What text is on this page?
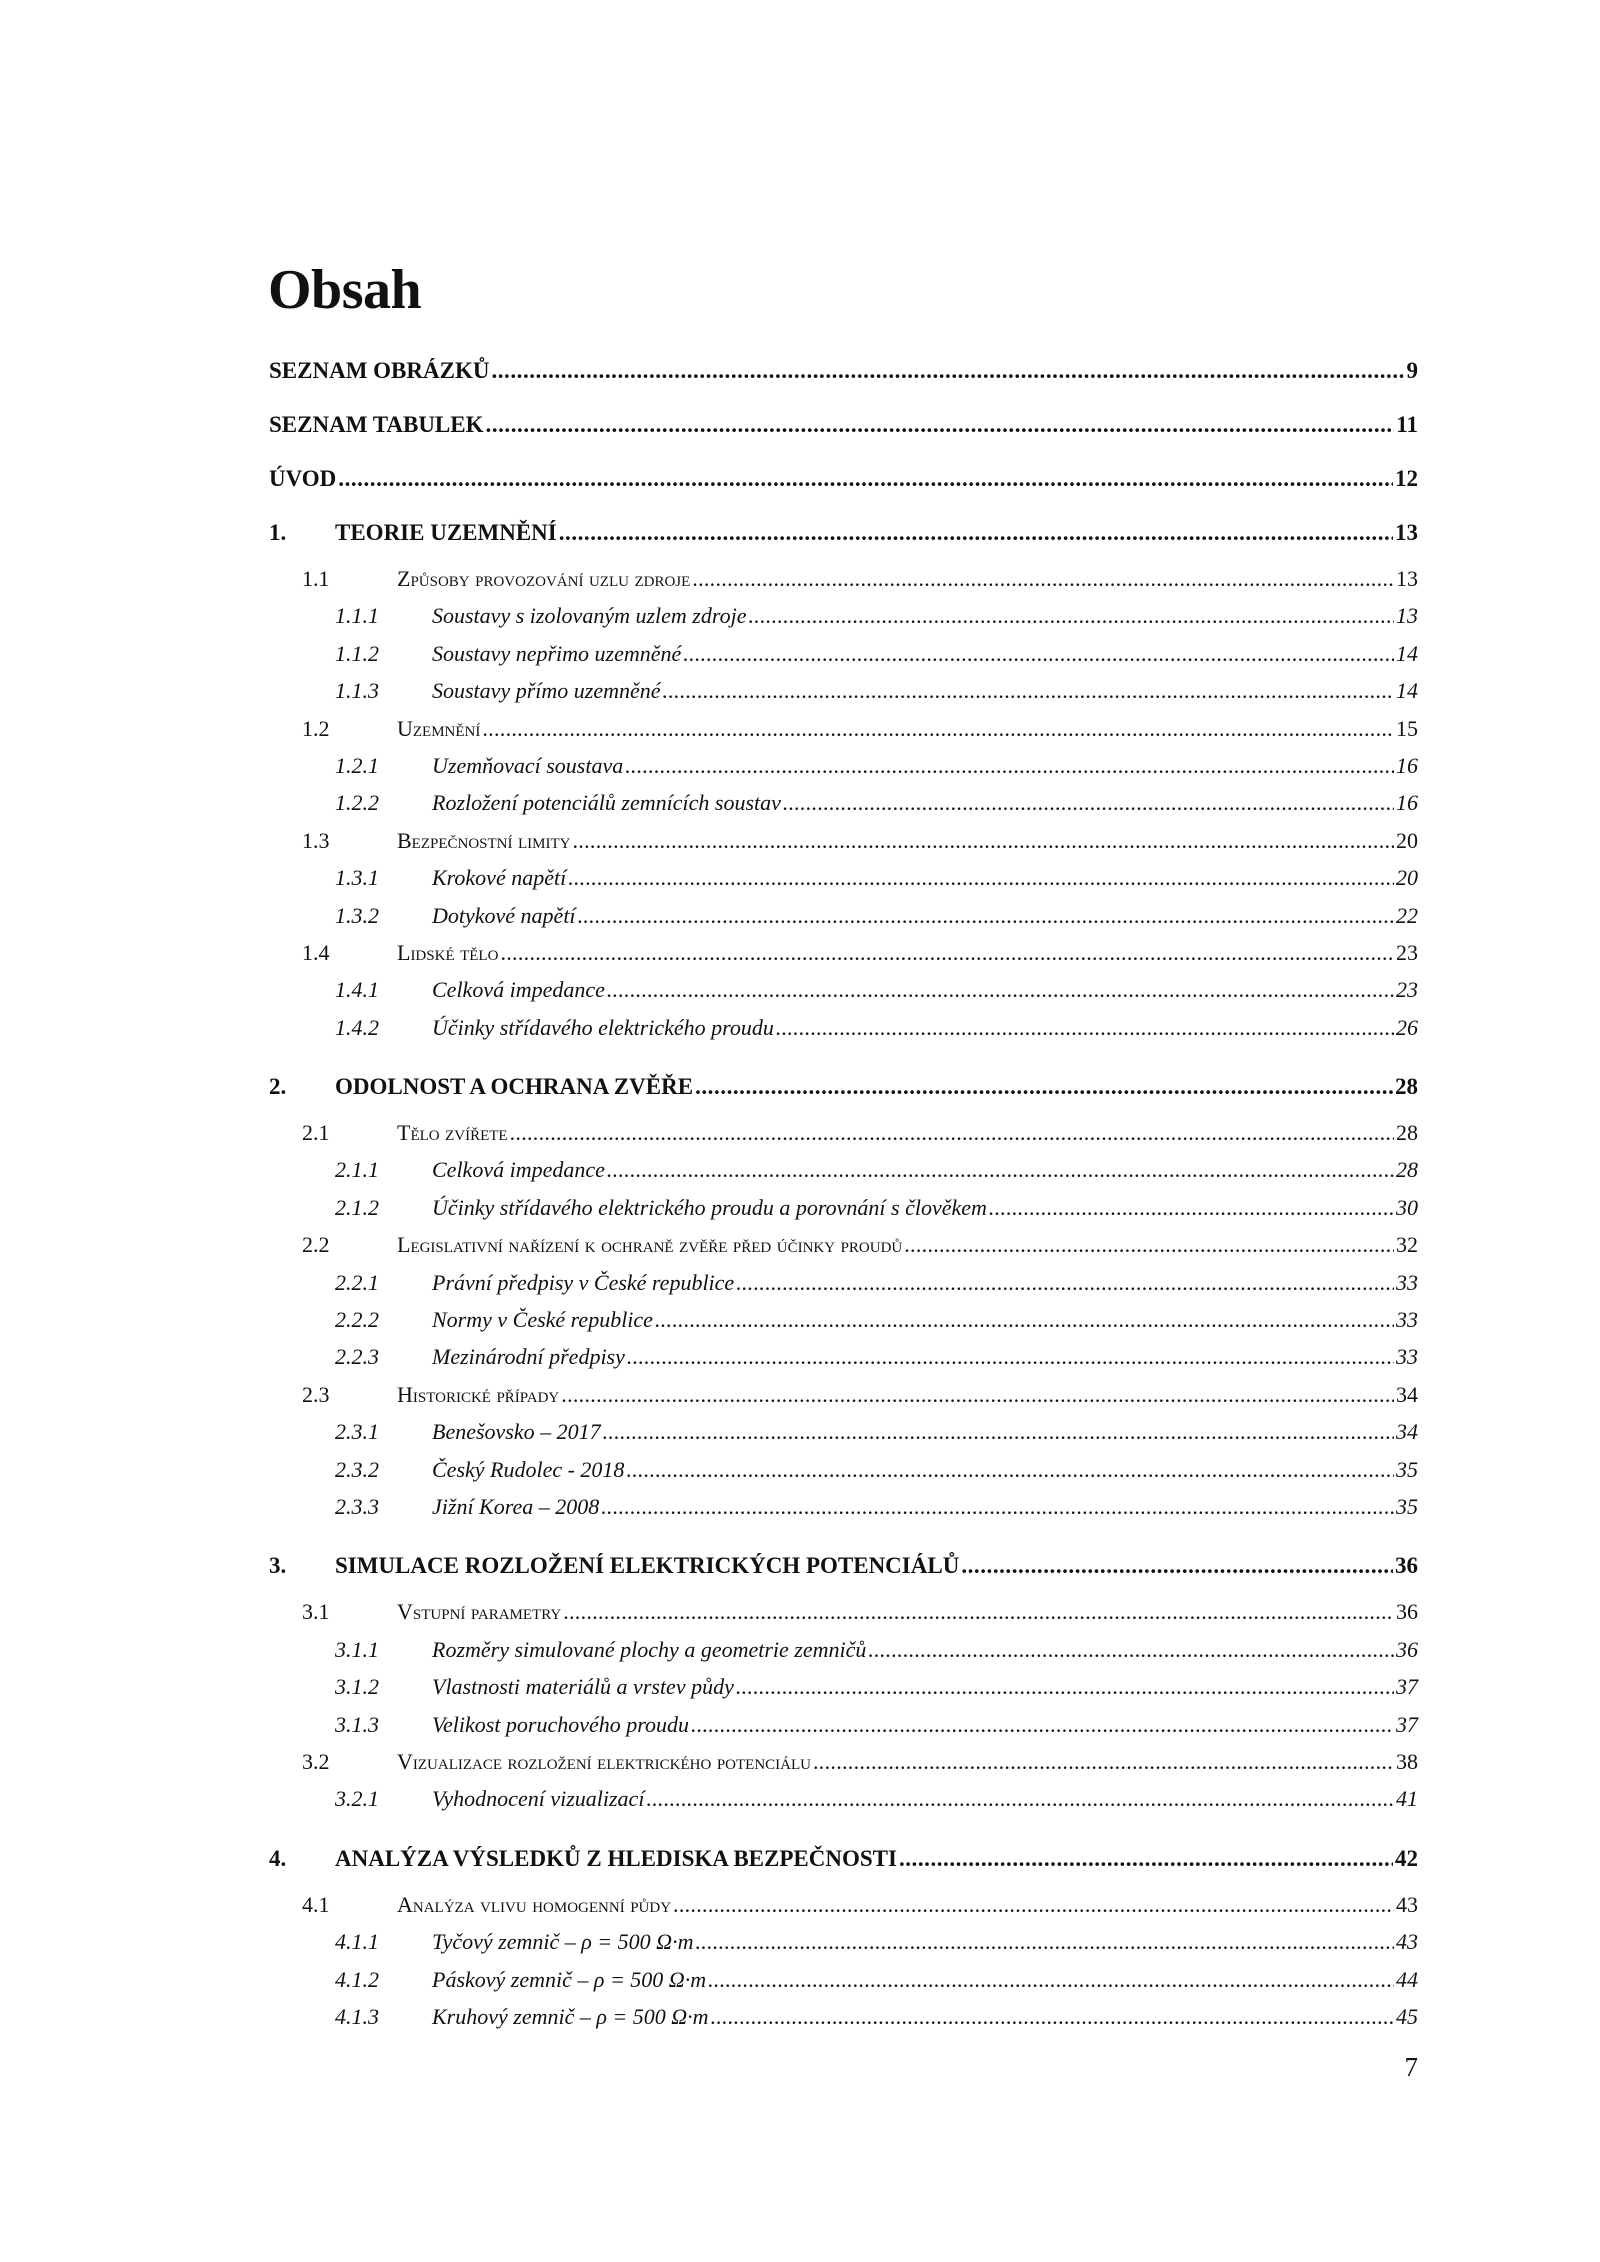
Obsah
SEZNAM OBRÁZKŮ . . .	9
SEZNAM TABULEK . . .	11
ÚVOD . . .	12
1.	TEORIE UZEMNĚNÍ . . .	13
1.1	Způsoby provozování uzlu zdroje . . .	13
1.1.1	Soustavy s izolovaným uzlem zdroje . . .	13
1.1.2	Soustavy nepřimo uzemněné . . .	14
1.1.3	Soustavy přímo uzemněné . . .	14
1.2	Uzemnění . . .	15
1.2.1	Uzemňovací soustava . . .	16
1.2.2	Rozložení potenciálů zemnících soustav . . .	16
1.3	Bezpečnostní limity . . .	20
1.3.1	Krokové napětí . . .	20
1.3.2	Dotykové napětí . . .	22
1.4	Lidské tělo . . .	23
1.4.1	Celková impedance . . .	23
1.4.2	Účinky střídavého elektrického proudu . . .	26
2.	ODOLNOST A OCHRANA ZVĚŘE . . .	28
2.1	Tělo zvířete . . .	28
2.1.1	Celková impedance . . .	28
2.1.2	Účinky střídavého elektrického proudu a porovnání s člověkem . . .	30
2.2	Legislativní nařízení k ochraně zvěře před účinky proudů . . .	32
2.2.1	Právní předpisy v České republice . . .	33
2.2.2	Normy v České republice . . .	33
2.2.3	Mezinárodní předpisy . . .	33
2.3	Historické případy . . .	34
2.3.1	Benešovsko – 2017 . . .	34
2.3.2	Český Rudolec - 2018 . . .	35
2.3.3	Jižní Korea – 2008 . . .	35
3.	SIMULACE ROZLOŽENÍ ELEKTRICKÝCH POTENCIÁLŮ . . .	36
3.1	Vstupní parametry . . .	36
3.1.1	Rozměry simulované plochy a geometrie zemničů . . .	36
3.1.2	Vlastnosti materiálů a vrstev půdy . . .	37
3.1.3	Velikost poruchového proudu . . .	37
3.2	Vizualizace rozložení elektrického potenciálu . . .	38
3.2.1	Vyhodnocení vizualizací . . .	41
4.	ANALÝZA VÝSLEDKŮ Z HLEDISKA BEZPEČNOSTI . . .	42
4.1	Analýza vlivu homogenní půdy . . .	43
4.1.1	Tyčový zemnič – ρ = 500 Ω·m . . .	43
4.1.2	Páskový zemnič – ρ = 500 Ω·m . . .	44
4.1.3	Kruhový zemnič – ρ = 500 Ω·m . . .	45
7
